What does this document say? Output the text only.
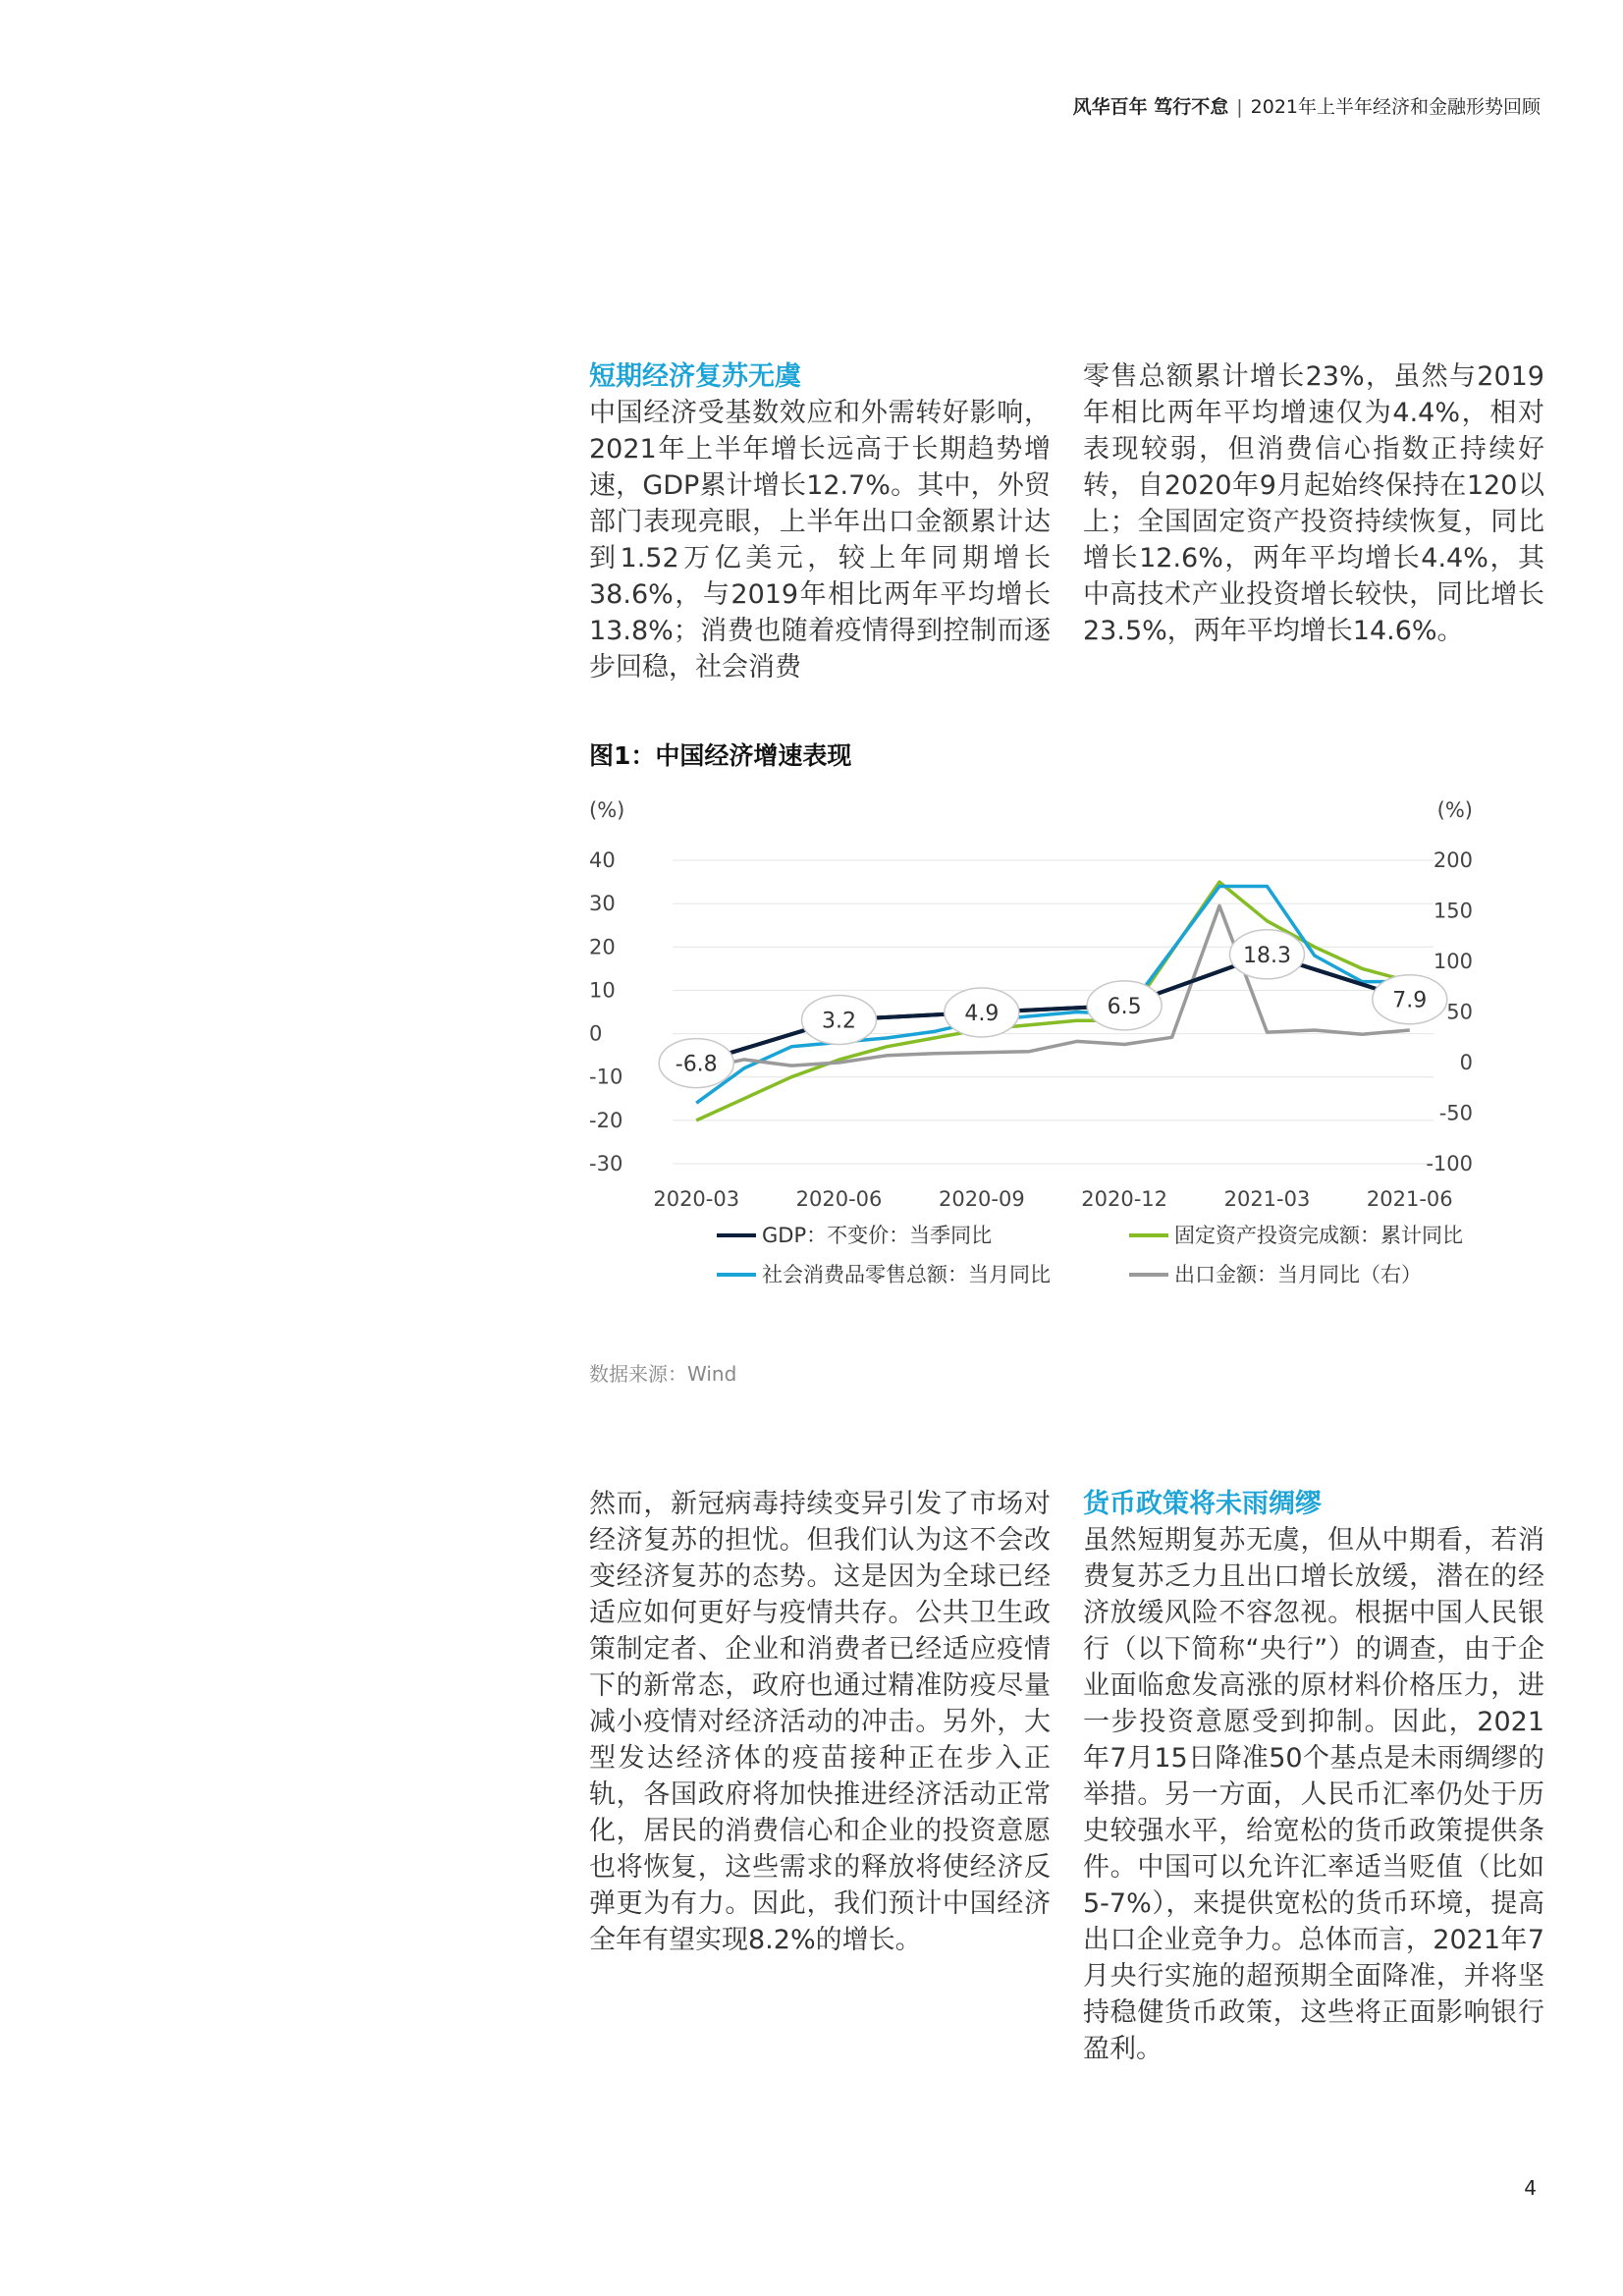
风华百年 笃行不怠 | 2021年上半年经济和金融形势回顾
短期经济复苏无虞

中国经济受基数效应和外需转好影响，2021年上半年增长远高于长期趋势增速，GDP累计增长12.7%。其中，外贸部门表现亮眼，上半年出口金额累计达到1.52万亿美元，较上年同期增长38.6%，与2019年相比两年平均增长13.8%；消费也随着疫情得到控制而逐步回稳，社会消费

零售总额累计增长23%，虽然与2019年相比两年平均增速仅为4.4%，相对表现较弱，但消费信心指数正持续好转，自2020年9月起始终保持在120以上；全国固定资产投资持续恢复，同比增长12.6%，两年平均增长4.4%，其中高技术产业投资增长较快，同比增长23.5%，两年平均增长14.6%。

图1：中国经济增速表现
(%)	(%)
40
30
20
10
0
-10
-20
-30
200
150
100
50
0
-50
-100
2020-03	2020-06	2020-09	2020-12	2021-03	2021-06
-6.8
3.2	4.9	6.5
18.3
7.9
GDP：不变价：当季同比	固定资产投资完成额：累计同比
社会消费品零售总额：当月同比	出口金额：当月同比（右）
数据来源：Wind

然而，新冠病毒持续变异引发了市场对经济复苏的担忧。但我们认为这不会改变经济复苏的态势。这是因为全球已经适应如何更好与疫情共存。公共卫生政策制定者、企业和消费者已经适应疫情下的新常态，政府也通过精准防疫尽量减小疫情对经济活动的冲击。另外，大型发达经济体的疫苗接种正在步入正轨，各国政府将加快推进经济活动正常化，居民的消费信心和企业的投资意愿也将恢复，这些需求的释放将使经济反弹更为有力。因此，我们预计中国经济全年有望实现8.2%的增长。

货币政策将未雨绸缪

虽然短期复苏无虞，但从中期看，若消费复苏乏力且出口增长放缓，潜在的经济放缓风险不容忽视。根据中国人民银行（以下简称“央行”）的调查，由于企业面临愈发高涨的原材料价格压力，进一步投资意愿受到抑制。因此，2021年7月15日降准50个基点是未雨绸缪的举措。另一方面，人民币汇率仍处于历史较强水平，给宽松的货币政策提供条件。中国可以允许汇率适当贬值（比如5-7%），来提供宽松的货币环境，提高出口企业竞争力。总体而言，2021年7月央行实施的超预期全面降准，并将坚持稳健货币政策，这些将正面影响银行盈利。

4
